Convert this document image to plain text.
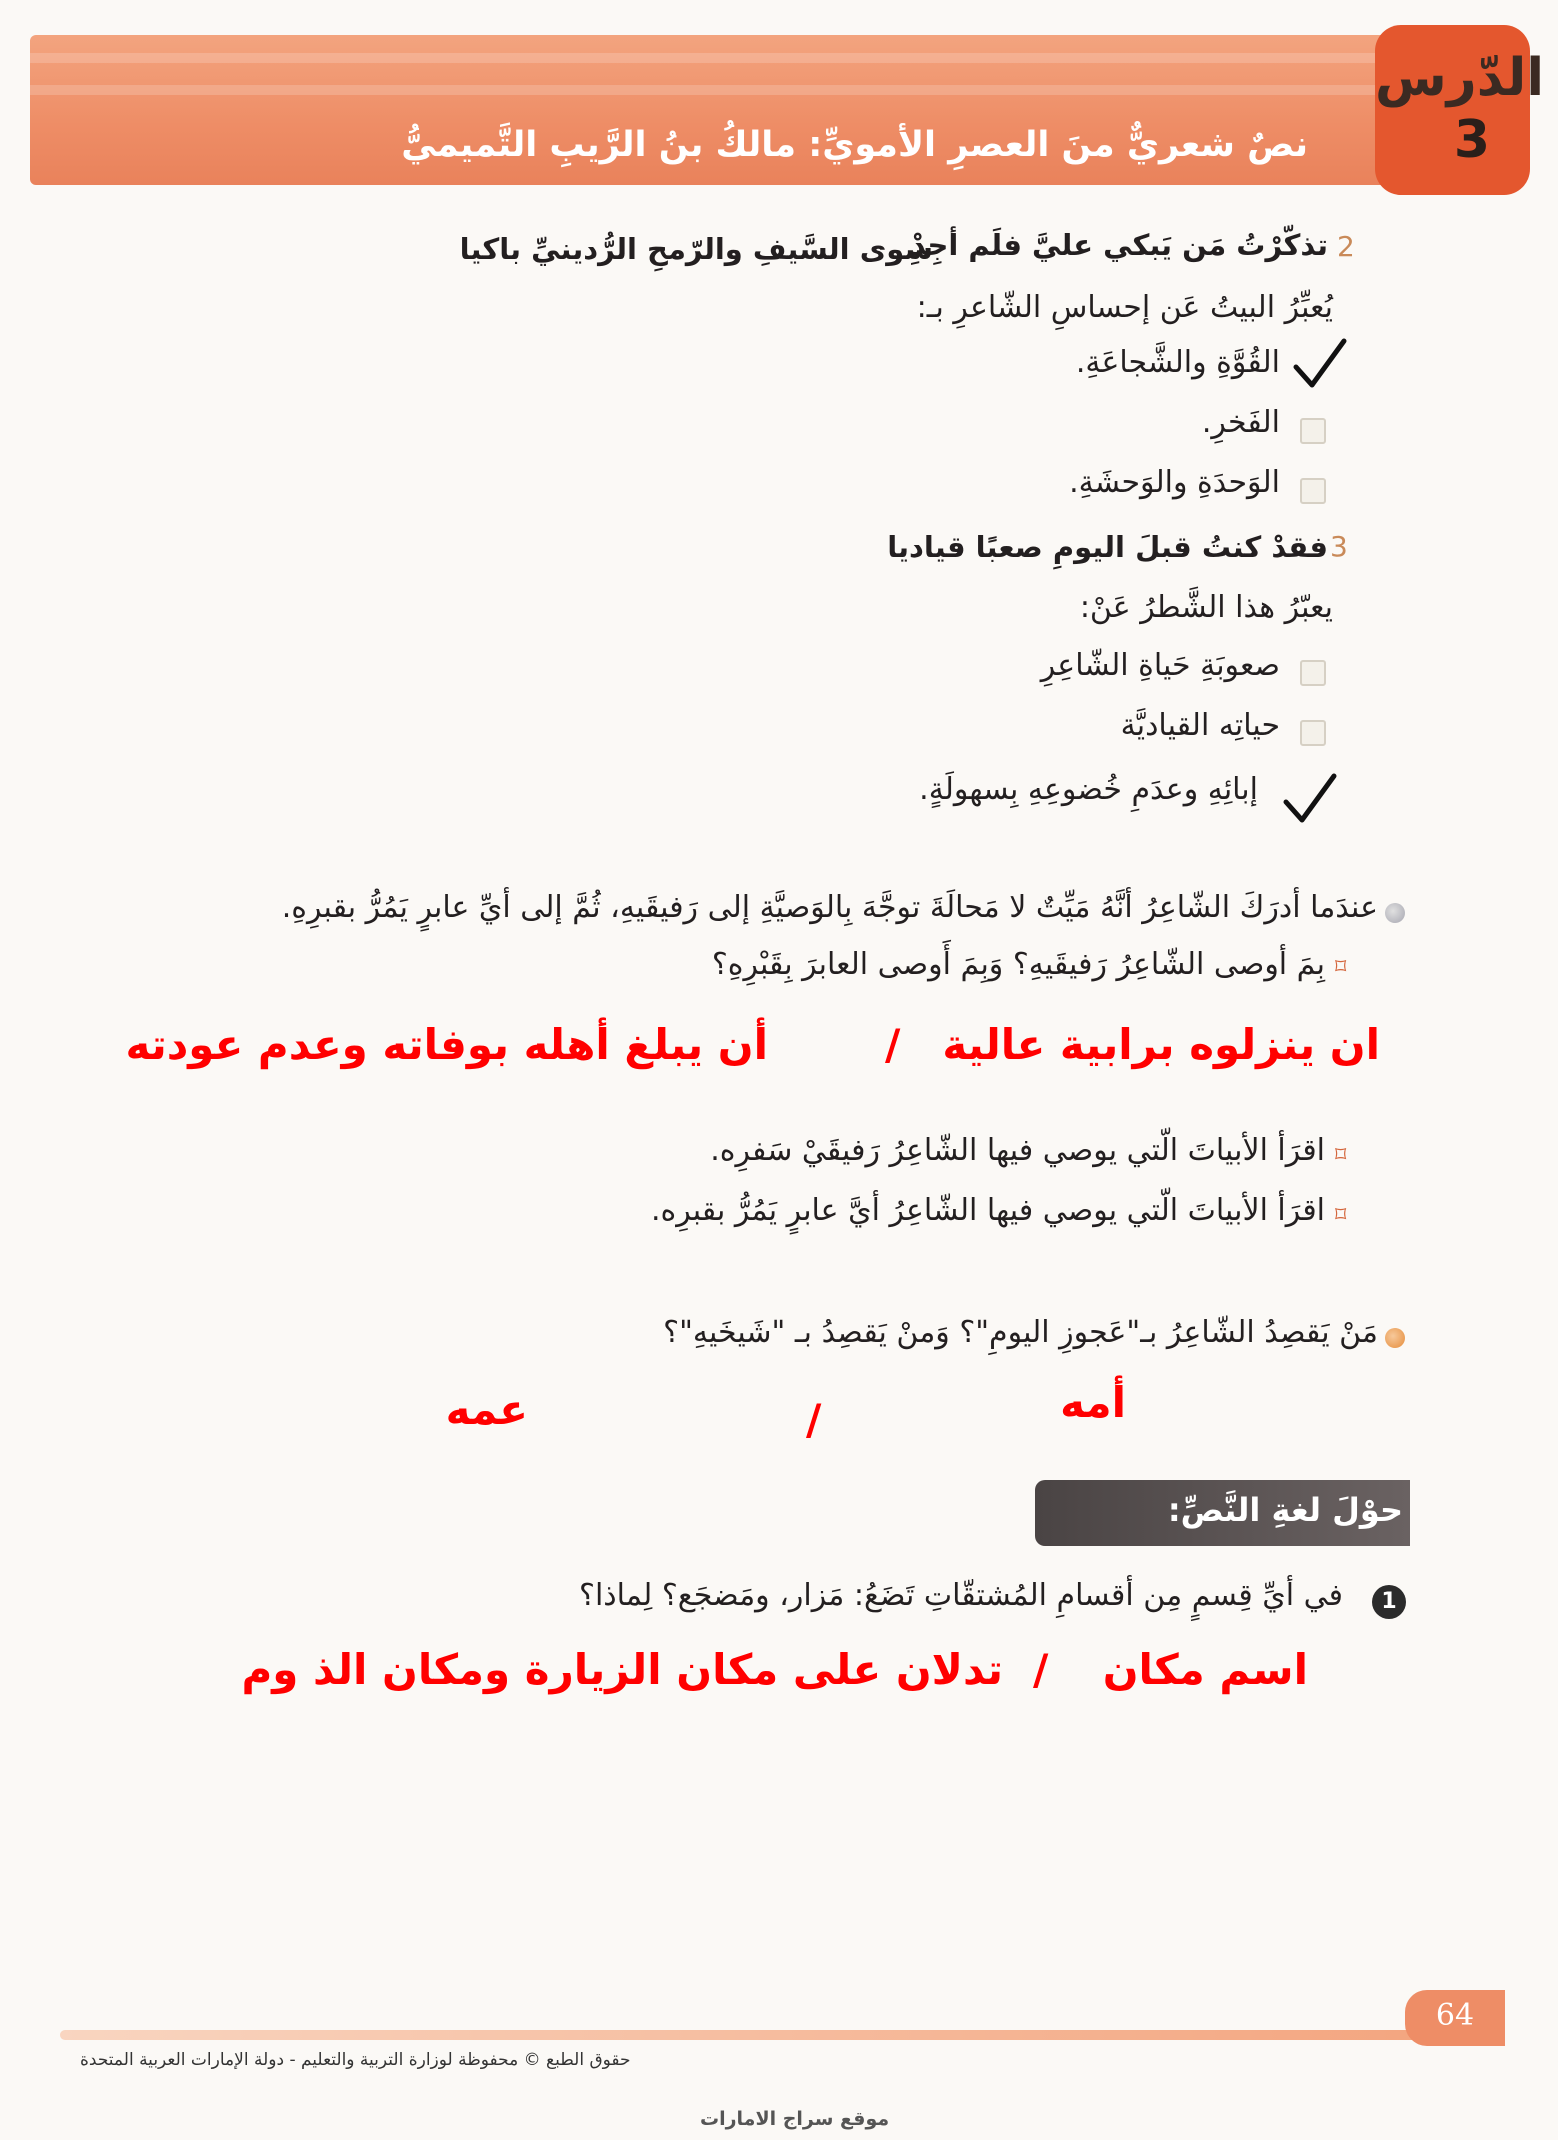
الدّرس
3
نصٌ شعريٌّ منَ العصرِ الأمويِّ: مالكُ بنُ الرَّيبِ التَّميميُّ
2
تذكّرْتُ مَن يَبكي عليَّ فلَم أجِدْ
سِوى السَّيفِ والرّمحِ الرُّدينيِّ باكيا
يُعبِّرُ البيتُ عَن إحساسِ الشّاعرِ بـ:
القُوَّةِ والشَّجاعَةِ.
الفَخرِ.
الوَحدَةِ والوَحشَةِ.
3
فقدْ كنتُ قبلَ اليومِ صعبًا قياديا
يعبّرُ هذا الشَّطرُ عَنْ:
صعوبَةِ حَياةِ الشّاعِرِ
حياتِه القياديَّة
إبائِهِ وعدَمِ خُضوعِهِ بِسهولَةٍ.
عندَما أدرَكَ الشّاعِرُ أنَّهُ مَيِّتٌ لا مَحالَةَ توجَّهَ بِالوَصيَّةِ إلى رَفيقَيهِ، ثُمَّ إلى أيِّ عابرٍ يَمُرُّ بقبرِهِ.
⌑
بِمَ أوصى الشّاعِرُ رَفيقَيهِ؟ وَبِمَ أَوصى العابرَ بِقَبْرِهِ؟
ان ينزلوه برابية عالية
/
أن يبلغ أهله بوفاته وعدم عودته
⌑
اقرَأ الأبياتَ الّتي يوصي فيها الشّاعِرُ رَفيقَيْ سَفرِه.
⌑
اقرَأ الأبياتَ الّتي يوصي فيها الشّاعِرُ أيَّ عابرٍ يَمُرُّ بقبرِه.
مَنْ يَقصِدُ الشّاعِرُ بـ"عَجوزِ اليومِ"؟ وَمنْ يَقصِدُ بـ "شَيخَيهِ"؟
أمه
/
عمه
حوْلَ لغةِ النَّصِّ:
1
في أيِّ قِسمٍ مِن أقسامِ المُشتقّاتِ تَضَعُ: مَزار، ومَضجَع؟ لِماذا؟
اسم مكان
/
تدلان على مكان الزيارة ومكان الذ وم
64
حقوق الطبع © محفوظة لوزارة التربية والتعليم - دولة الإمارات العربية المتحدة
موقع سراج الامارات
